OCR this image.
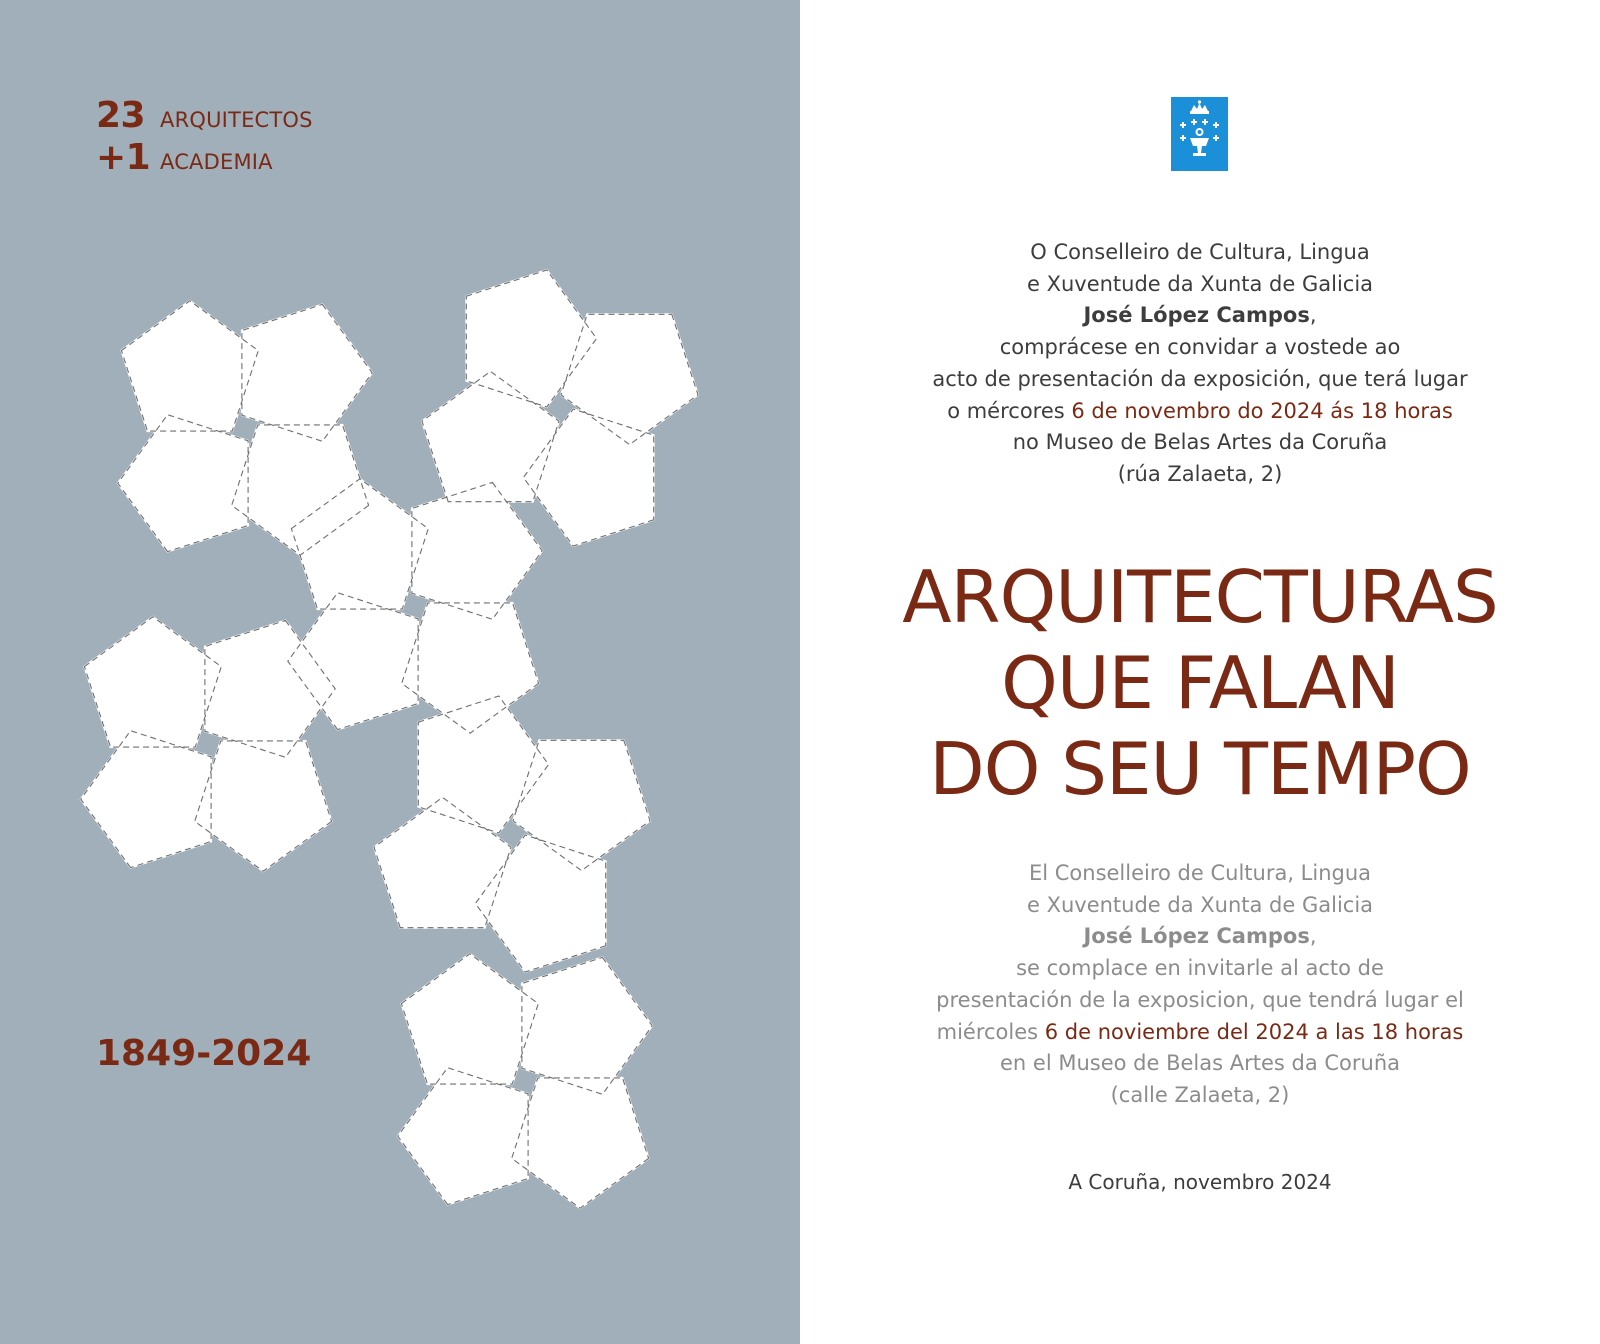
23 ARQUITECTOS
+1 ACADEMIA
1849-2024
O Conselleiro de Cultura, Lingua
e Xuventude da Xunta de Galicia
José López Campos,
comprácese en convidar a vostede ao
acto de presentación da exposición, que terá lugar
o mércores 6 de novembro do 2024 ás 18 horas
no Museo de Belas Artes da Coruña
(rúa Zalaeta, 2)
ARQUITECTURAS
QUE FALAN
DO SEU TEMPO
El Conselleiro de Cultura, Lingua
e Xuventude da Xunta de Galicia
José López Campos,
se complace en invitarle al acto de
presentación de la exposicion, que tendrá lugar el
miércoles 6 de noviembre del 2024 a las 18 horas
en el Museo de Belas Artes da Coruña
(calle Zalaeta, 2)
A Coruña, novembro 2024
